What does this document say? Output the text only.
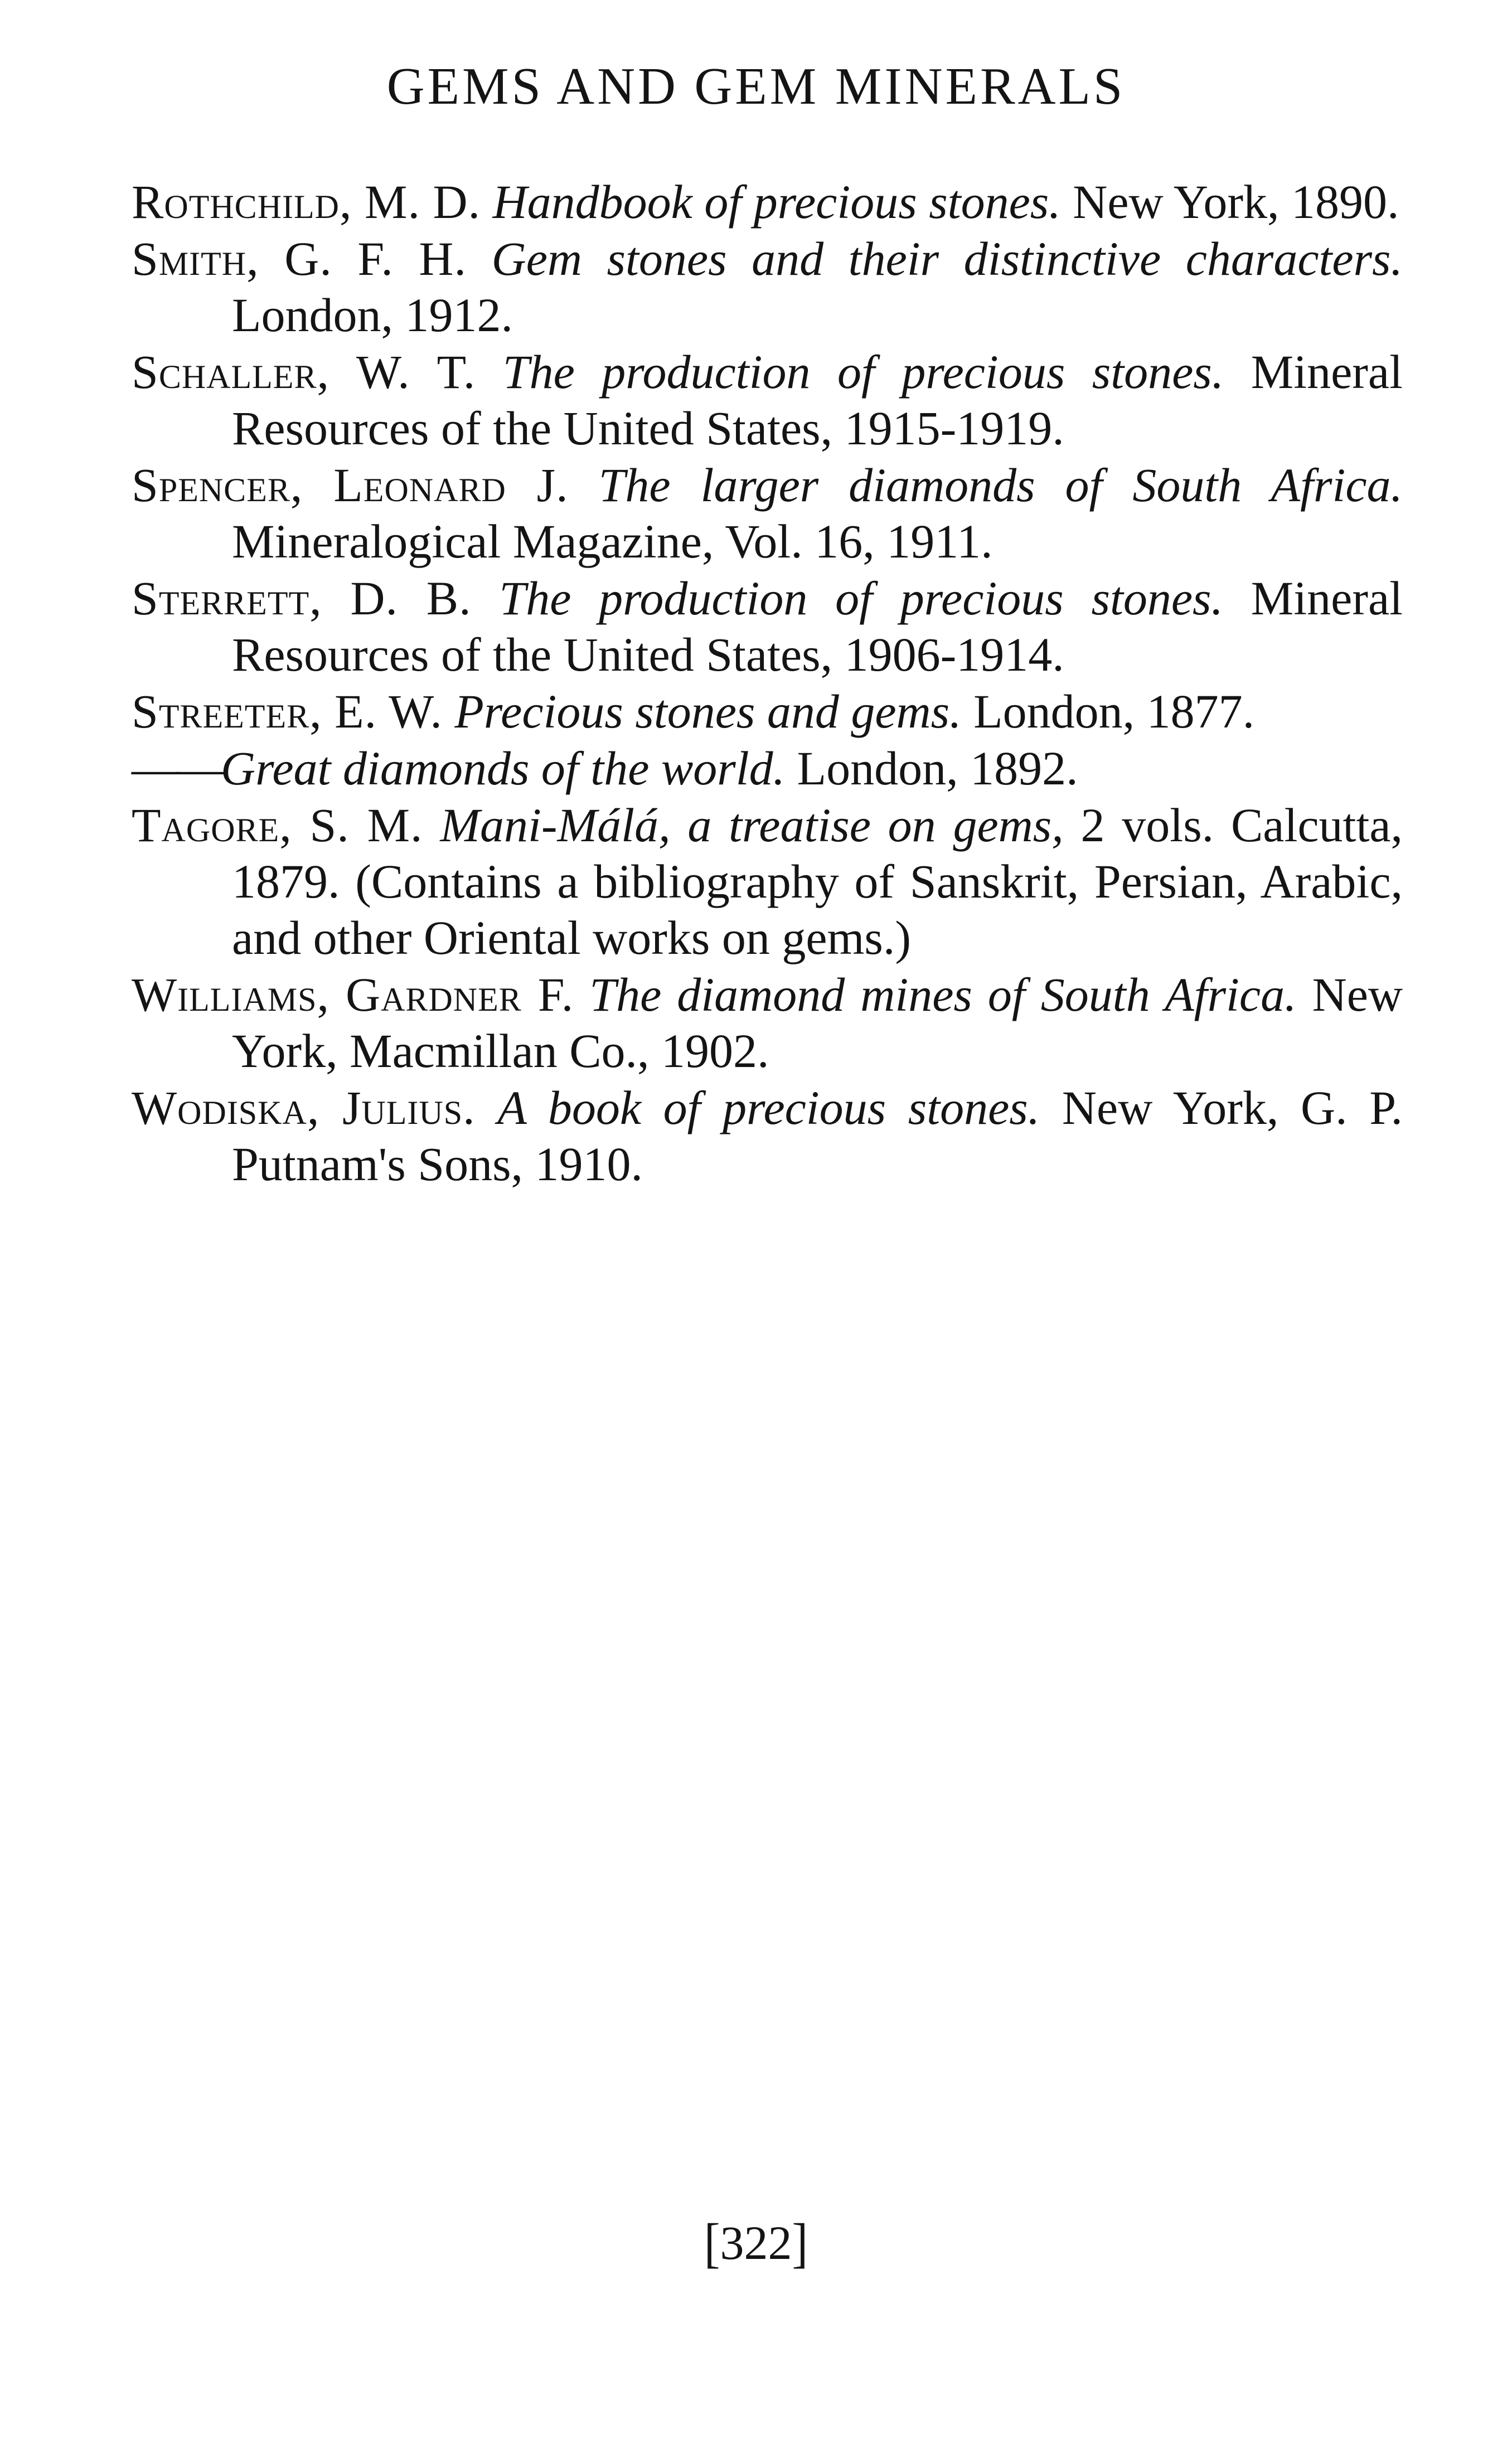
GEMS AND GEM MINERALS

Rothchild, M. D. Handbook of precious stones. New York, 1890.

Smith, G. F. H. Gem stones and their distinctive characters. London, 1912.

Schaller, W. T. The production of precious stones. Mineral Resources of the United States, 1915-1919.

Spencer, Leonard J. The larger diamonds of South Africa. Mineralogical Magazine, Vol. 16, 1911.

Sterrett, D. B. The production of precious stones. Mineral Resources of the United States, 1906-1914.

Streeter, E. W. Precious stones and gems. London, 1877.

——Great diamonds of the world. London, 1892.

Tagore, S. M. Mani-Málá, a treatise on gems, 2 vols. Calcutta, 1879. (Contains a bibliography of Sanskrit, Persian, Arabic, and other Oriental works on gems.)

Williams, Gardner F. The diamond mines of South Africa. New York, Macmillan Co., 1902.

Wodiska, Julius. A book of precious stones. New York, G. P. Putnam's Sons, 1910.

[322]
